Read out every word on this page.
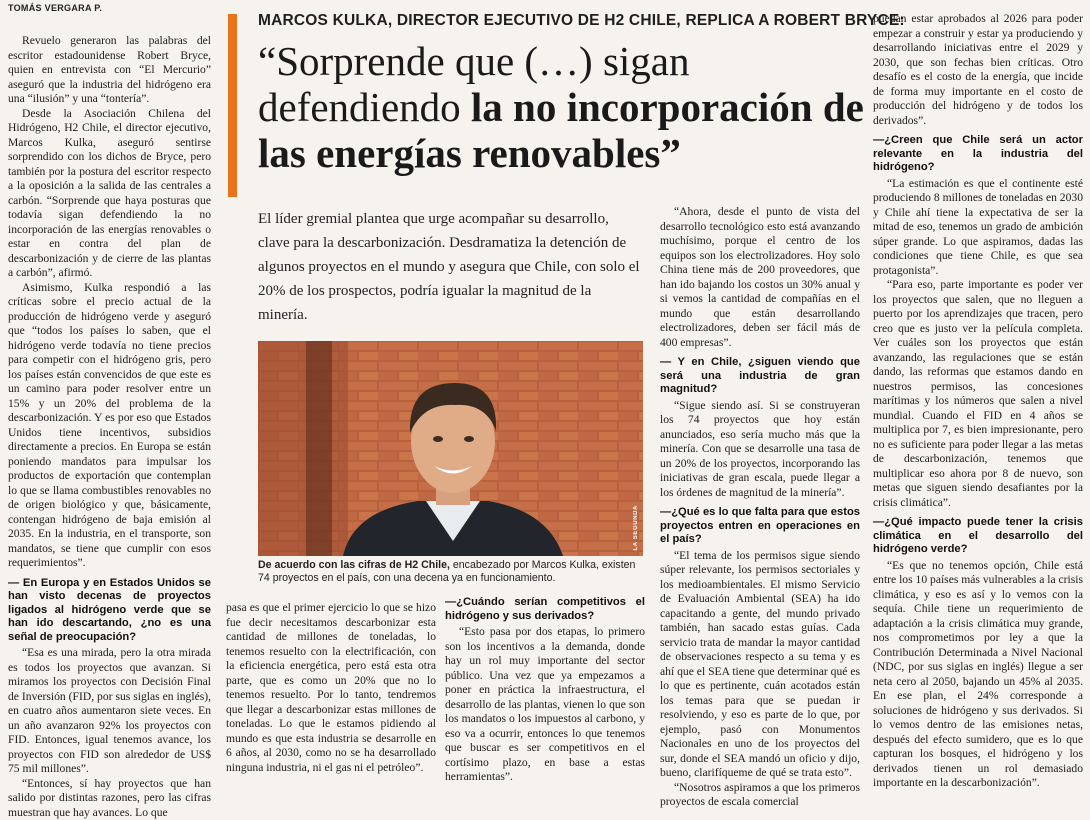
TOMÁS VERGARA P.
MARCOS KULKA, DIRECTOR EJECUTIVO DE H2 CHILE, REPLICA A ROBERT BRYCE:
“Sorprende que (…) sigan defendiendo la no incorporación de las energías renovables”
El líder gremial plantea que urge acompañar su desarrollo, clave para la descarbonización. Desdramatiza la detención de algunos proyectos en el mundo y asegura que Chile, con solo el 20% de los prospectos, podría igualar la magnitud de la minería.

Revuelo generaron las palabras del escritor estadounidense Robert Bryce, quien en entrevista con “El Mercurio” aseguró que la industria del hidrógeno era una “ilusión” y una “tontería”.

Desde la Asociación Chilena del Hidrógeno, H2 Chile, el director ejecutivo, Marcos Kulka, aseguró sentirse sorprendido con los dichos de Bryce, pero también por la postura del escritor respecto a la oposición a la salida de las centrales a carbón. “Sorprende que haya posturas que todavía sigan defendiendo la no incorporación de las energías renovables o estar en contra del plan de descarbonización y de cierre de las plantas a carbón”, afirmó.

Asimismo, Kulka respondió a las críticas sobre el precio actual de la producción de hidrógeno verde y aseguró que “todos los países lo saben, que el hidrógeno verde todavía no tiene precios para competir con el hidrógeno gris, pero los países están convencidos de que este es un camino para poder resolver entre un 15% y un 20% del problema de la descarbonización. Y es por eso que Estados Unidos tiene incentivos, subsidios directamente a precios. En Europa se están poniendo mandatos para impulsar los productos de exportación que contemplan lo que se llama combustibles renovables no de origen biológico y que, básicamente, contengan hidrógeno de baja emisión al 2035. En la industria, en el transporte, son mandatos, se tiene que cumplir con esos requerimientos”.

— En Europa y en Estados Unidos se han visto decenas de proyectos ligados al hidrógeno verde que se han ido descartando, ¿no es una señal de preocupación?

“Esa es una mirada, pero la otra mirada es todos los proyectos que avanzan. Si miramos los proyectos con Decisión Final de Inversión (FID, por sus siglas en inglés), en cuatro años aumentaron siete veces. En un año avanzaron 92% los proyectos con FID. Entonces, igual tenemos avance, los proyectos con FID son alrededor de US$ 75 mil millones”.

“Entonces, sí hay proyectos que han salido por distintas razones, pero las cifras muestran que hay avances. Lo que

LA SEGUNDA
De acuerdo con las cifras de H2 Chile, encabezado por Marcos Kulka, existen 74 proyectos en el país, con una decena ya en funcionamiento.

pasa es que el primer ejercicio lo que se hizo fue decir necesitamos descarbonizar esta cantidad de millones de toneladas, lo tenemos resuelto con la electrificación, con la eficiencia energética, pero está esta otra parte, que es como un 20% que no lo tenemos resuelto. Por lo tanto, tendremos que llegar a descarbonizar estas millones de toneladas. Lo que le estamos pidiendo al mundo es que esta industria se desarrolle en 6 años, al 2030, como no se ha desarrollado ninguna industria, ni el gas ni el petróleo”.

—¿Cuándo serían competitivos el hidrógeno y sus derivados?

“Esto pasa por dos etapas, lo primero son los incentivos a la demanda, donde hay un rol muy importante del sector público. Una vez que ya empezamos a poner en práctica la infraestructura, el desarrollo de las plantas, vienen lo que son los mandatos o los impuestos al carbono, y eso va a ocurrir, entonces lo que tenemos que buscar es ser competitivos en el cortísimo plazo, en base a estas herramientas”.

“Ahora, desde el punto de vista del desarrollo tecnológico esto está avanzando muchísimo, porque el centro de los equipos son los electrolizadores. Hoy solo China tiene más de 200 proveedores, que han ido bajando los costos un 30% anual y si vemos la cantidad de compañías en el mundo que están desarrollando electrolizadores, deben ser fácil más de 400 empresas”.

— Y en Chile, ¿siguen viendo que será una industria de gran magnitud?

“Sigue siendo así. Si se construyeran los 74 proyectos que hoy están anunciados, eso sería mucho más que la minería. Con que se desarrolle una tasa de un 20% de los proyectos, incorporando las iniciativas de gran escala, puede llegar a los órdenes de magnitud de la minería”.

—¿Qué es lo que falta para que estos proyectos entren en operaciones en el país?

“El tema de los permisos sigue siendo súper relevante, los permisos sectoriales y los medioambientales. El mismo Servicio de Evaluación Ambiental (SEA) ha ido capacitando a gente, del mundo privado también, han sacado estas guías. Cada servicio trata de mandar la mayor cantidad de observaciones respecto a su tema y es ahí que el SEA tiene que determinar qué es lo que es pertinente, cuán acotados están los temas para que se puedan ir resolviendo, y eso es parte de lo que, por ejemplo, pasó con Monumentos Nacionales en uno de los proyectos del sur, donde el SEA mandó un oficio y dijo, bueno, clarifíqueme de qué se trata esto”.

“Nosotros aspiramos a que los primeros proyectos de escala comercial

puedan estar aprobados al 2026 para poder empezar a construir y estar ya produciendo y desarrollando iniciativas entre el 2029 y 2030, que son fechas bien críticas. Otro desafío es el costo de la energía, que incide de forma muy importante en el costo de producción del hidrógeno y de todos los derivados”.

—¿Creen que Chile será un actor relevante en la industria del hidrógeno?

“La estimación es que el continente esté produciendo 8 millones de toneladas en 2030 y Chile ahí tiene la expectativa de ser la mitad de eso, tenemos un grado de ambición súper grande. Lo que aspiramos, dadas las condiciones que tiene Chile, es que sea protagonista”.

“Para eso, parte importante es poder ver los proyectos que salen, que no lleguen a puerto por los aprendizajes que tracen, pero creo que es justo ver la película completa. Ver cuáles son los proyectos que están avanzando, las regulaciones que se están dando, las reformas que estamos dando en nuestros permisos, las concesiones marítimas y los números que salen a nivel mundial. Cuando el FID en 4 años se multiplica por 7, es bien impresionante, pero no es suficiente para poder llegar a las metas de descarbonización, tenemos que multiplicar eso ahora por 8 de nuevo, son metas que siguen siendo desafiantes por la crisis climática”.

—¿Qué impacto puede tener la crisis climática en el desarrollo del hidrógeno verde?

“Es que no tenemos opción, Chile está entre los 10 países más vulnerables a la crisis climática, y eso es así y lo vemos con la sequía. Chile tiene un requerimiento de adaptación a la crisis climática muy grande, nos comprometimos por ley a que la Contribución Determinada a Nivel Nacional (NDC, por sus siglas en inglés) llegue a ser neta cero al 2050, bajando un 45% al 2035. En ese plan, el 24% corresponde a soluciones de hidrógeno y sus derivados. Si lo vemos dentro de las emisiones netas, después del efecto sumidero, que es lo que capturan los bosques, el hidrógeno y los derivados tienen un rol demasiado importante en la descarbonización”.
